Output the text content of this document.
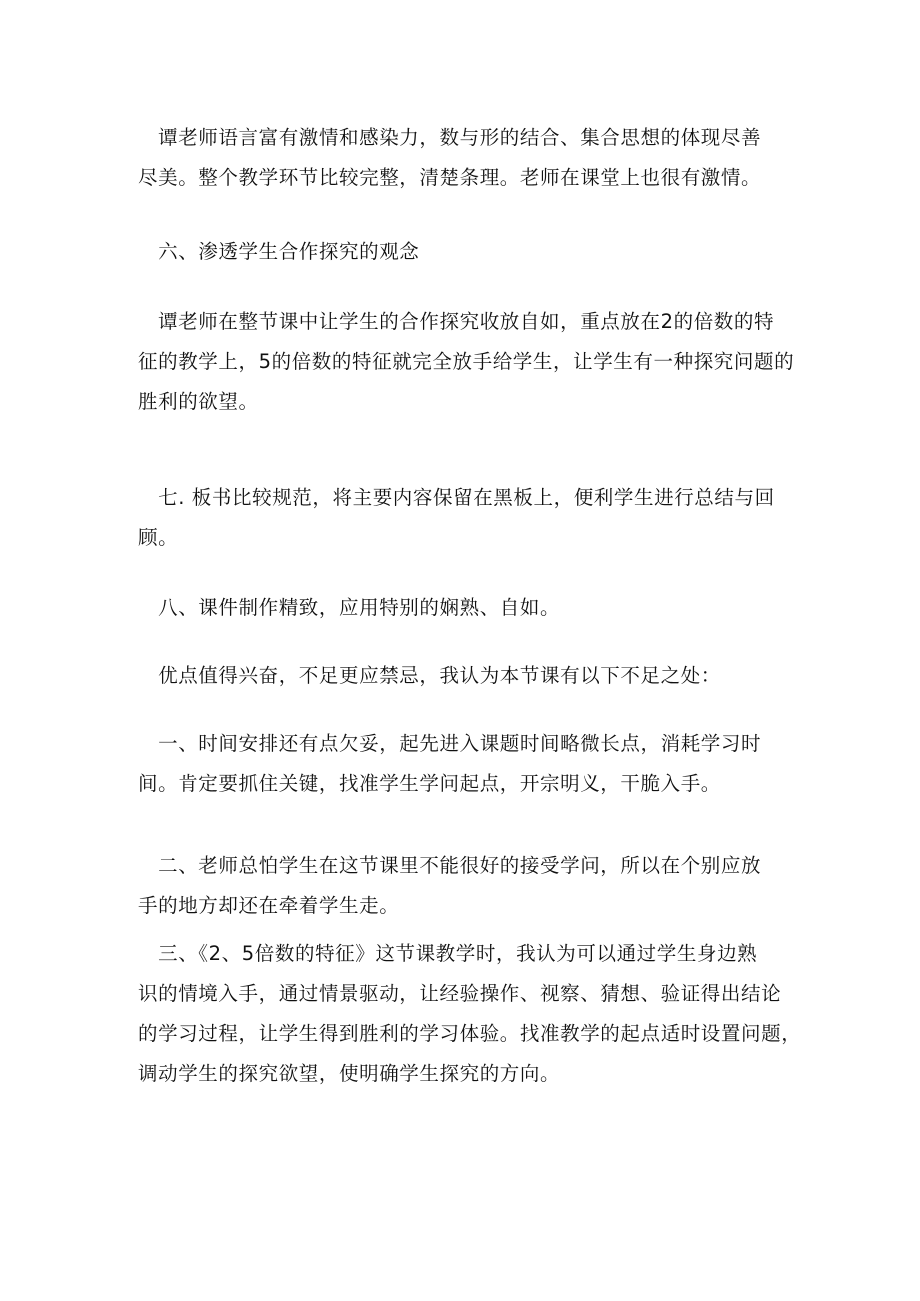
　谭老师语言富有激情和感染力，数与形的结合、集合思想的体现尽善
尽美。整个教学环节比较完整，清楚条理。老师在课堂上也很有激情。

　六、渗透学生合作探究的观念

　谭老师在整节课中让学生的合作探究收放自如，重点放在2的倍数的特
征的教学上，5的倍数的特征就完全放手给学生，让学生有一种探究问题的
胜利的欲望。

　七. 板书比较规范，将主要内容保留在黑板上，便利学生进行总结与回
顾。

　八、课件制作精致，应用特别的娴熟、自如。

　优点值得兴奋，不足更应禁忌，我认为本节课有以下不足之处：

　一、时间安排还有点欠妥，起先进入课题时间略微长点，消耗学习时
间。肯定要抓住关键，找准学生学问起点，开宗明义，干脆入手。

　二、老师总怕学生在这节课里不能很好的接受学问，所以在个别应放
手的地方却还在牵着学生走。

　三、《2、5倍数的特征》这节课教学时，我认为可以通过学生身边熟
识的情境入手，通过情景驱动，让经验操作、视察、猜想、验证得出结论
的学习过程，让学生得到胜利的学习体验。找准教学的起点适时设置问题，
调动学生的探究欲望，使明确学生探究的方向。
